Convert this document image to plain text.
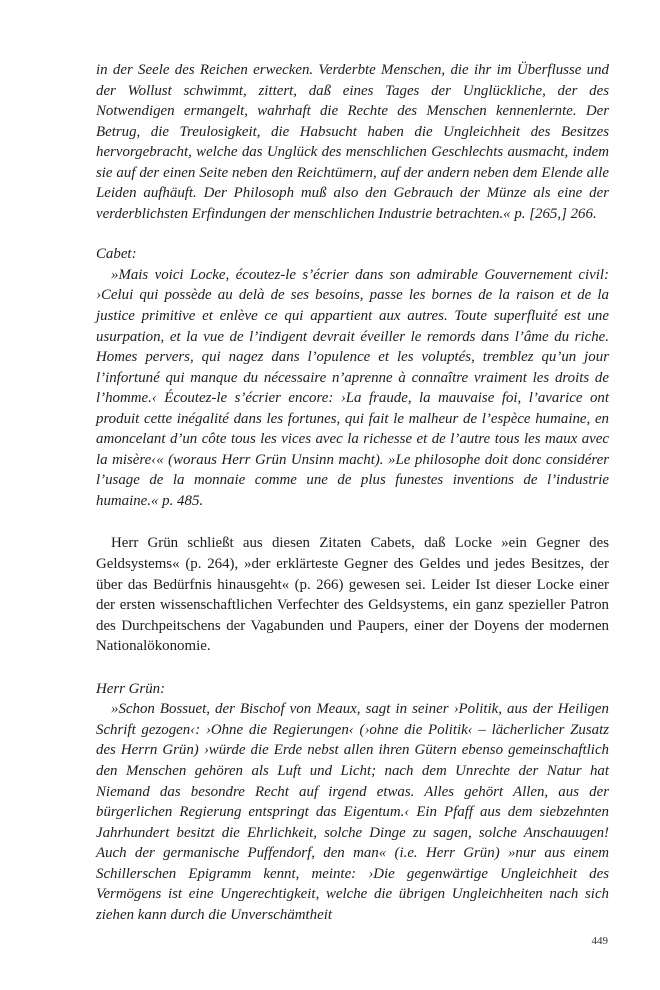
in der Seele des Reichen erwecken. Verderbte Menschen, die ihr im Überflusse und der Wollust schwimmt, zittert, daß eines Tages der Unglückliche, der des Notwendigen ermangelt, wahrhaft die Rechte des Menschen kennenlernte. Der Betrug, die Treulosigkeit, die Habsucht haben die Ungleichheit des Besitzes hervorgebracht, welche das Unglück des menschlichen Geschlechts ausmacht, indem sie auf der einen Seite neben den Reichtümern, auf der andern neben dem Elende alle Leiden aufhäuft. Der Philosoph muß also den Gebrauch der Münze als eine der verderblichsten Erfindungen der menschlichen Industrie betrachten.« p. [265,] 266.

Cabet:

»Mais voici Locke, écoutez-le s’écrier dans son admirable Gouvernement civil: ›Celui qui possède au delà de ses besoins, passe les bornes de la raison et de la justice primitive et enlève ce qui appartient aux autres. Toute superfluité est une usurpation, et la vue de l’indigent devrait éveiller le remords dans l’âme du riche. Homes pervers, qui nagez dans l’opulence et les voluptés, tremblez qu’un jour l’infortuné qui manque du nécessaire n’aprenne à connaître vraiment les droits de l’homme.‹ Écoutez-le s’écrier encore: ›La fraude, la mauvaise foi, l’avarice ont produit cette inégalité dans les fortunes, qui fait le malheur de l’espèce humaine, en amoncelant d’un côte tous les vices avec la richesse et de l’autre tous les maux avec la misère‹« (woraus Herr Grün Unsinn macht). »Le philosophe doit donc considérer l’usage de la monnaie comme une de plus funestes inventions de l’industrie humaine.« p. 485.

Herr Grün schließt aus diesen Zitaten Cabets, daß Locke »ein Gegner des Geldsystems« (p. 264), »der erklärteste Gegner des Geldes und jedes Besitzes, der über das Bedürfnis hinausgeht« (p. 266) gewesen sei. Leider Ist dieser Locke einer der ersten wissenschaftlichen Verfechter des Geldsystems, ein ganz spezieller Patron des Durchpeitschens der Vagabunden und Paupers, einer der Doyens der modernen Nationalökonomie.

Herr Grün:

»Schon Bossuet, der Bischof von Meaux, sagt in seiner ›Politik, aus der Heiligen Schrift gezogen‹: ›Ohne die Regierungen‹ (›ohne die Politik‹ – lächerlicher Zusatz des Herrn Grün) ›würde die Erde nebst allen ihren Gütern ebenso gemeinschaftlich den Menschen gehören als Luft und Licht; nach dem Unrechte der Natur hat Niemand das besondre Recht auf irgend etwas. Alles gehört Allen, aus der bürgerlichen Regierung entspringt das Eigentum.‹ Ein Pfaff aus dem siebzehnten Jahrhundert besitzt die Ehrlichkeit, solche Dinge zu sagen, solche Anschauugen! Auch der germanische Puffendorf, den man« (i.e. Herr Grün) »nur aus einem Schillerschen Epigramm kennt, meinte: ›Die gegenwärtige Ungleichheit des Vermögens ist eine Ungerechtigkeit, welche die übrigen Ungleichheiten nach sich ziehen kann durch die Unverschämtheit

449
